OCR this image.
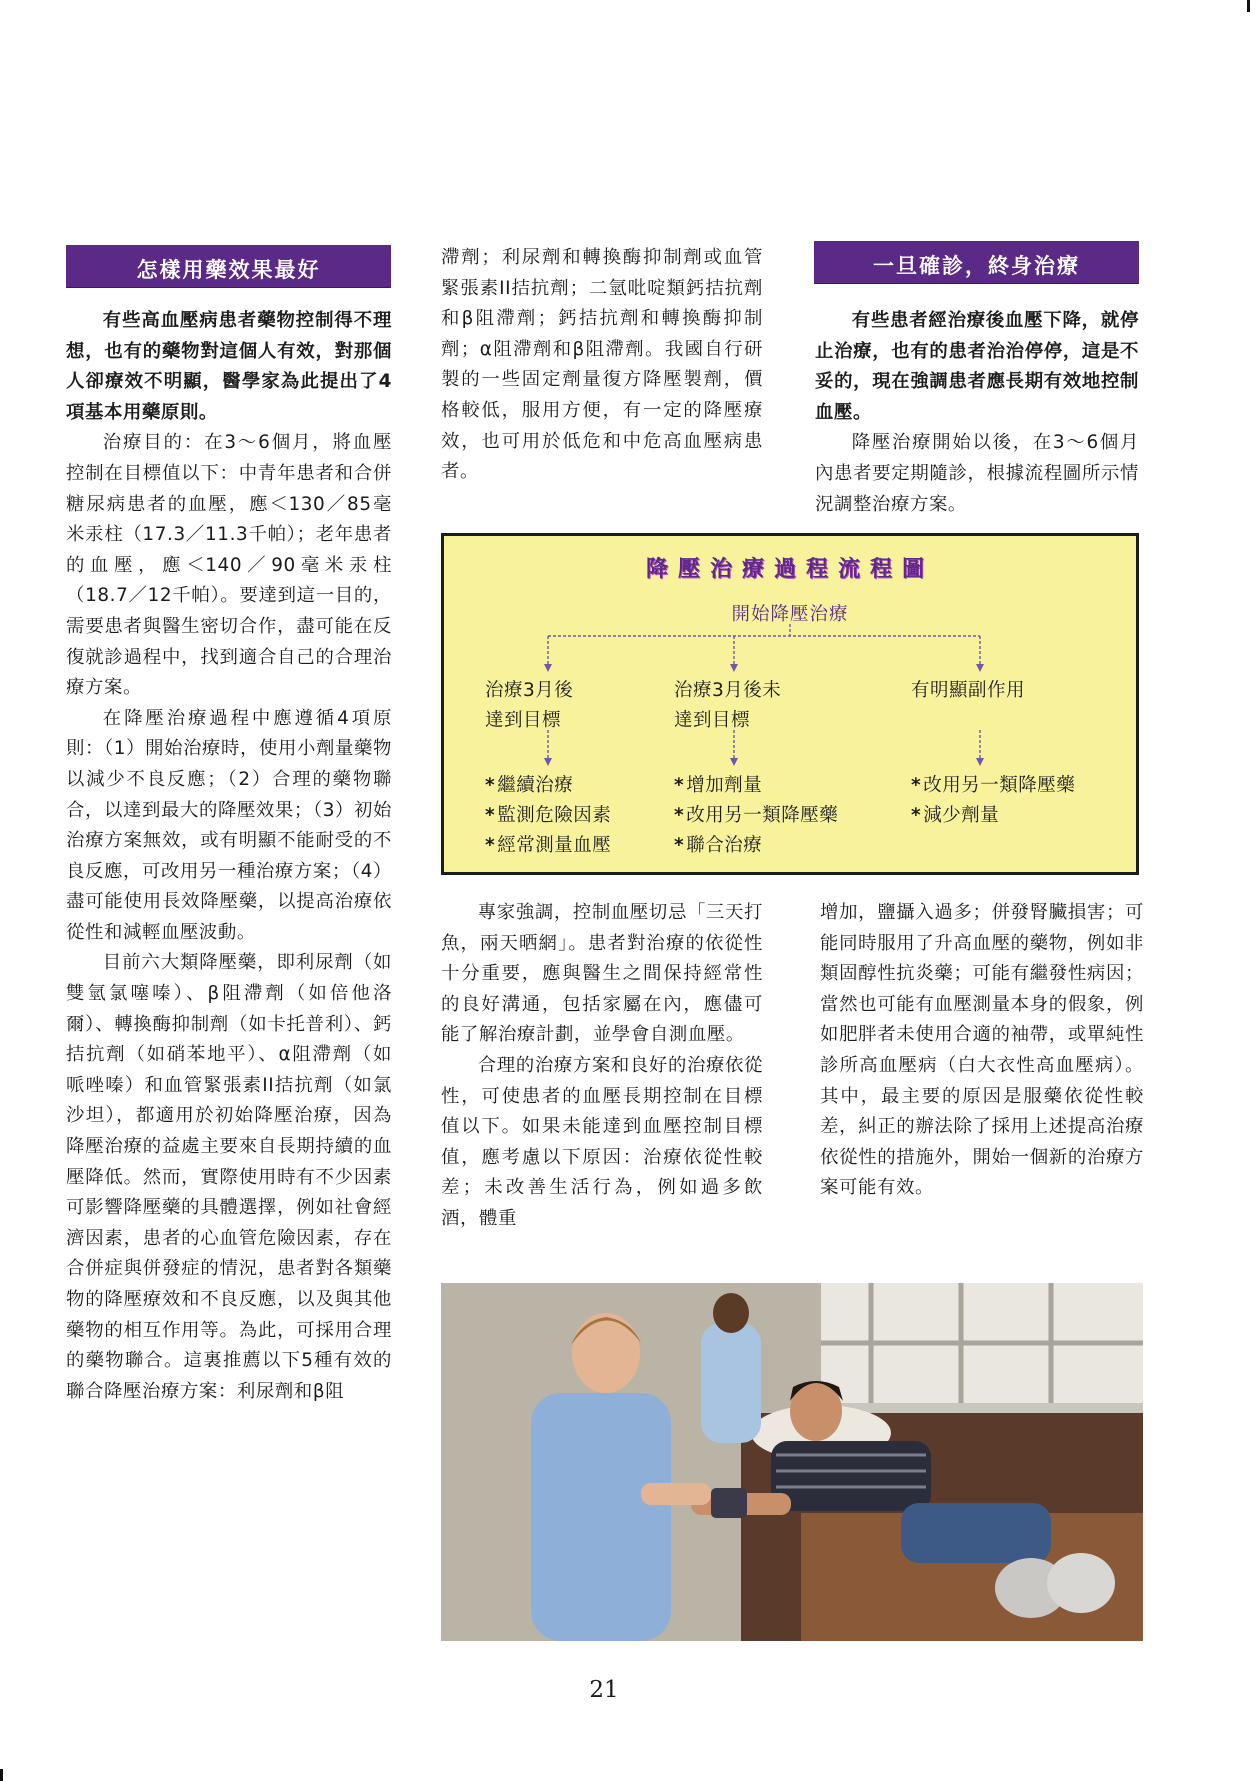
怎樣用藥效果最好

有些高血壓病患者藥物控制得不理想，也有的藥物對這個人有效，對那個人卻療效不明顯，醫學家為此提出了4項基本用藥原則。

治療目的：在3～6個月，將血壓控制在目標值以下：中青年患者和合併糖尿病患者的血壓，應＜130／85毫米汞柱（17.3／11.3千帕）；老年患者的血壓，應＜140／90毫米汞柱（18.7／12千帕）。要達到這一目的，需要患者與醫生密切合作，盡可能在反復就診過程中，找到適合自己的合理治療方案。

在降壓治療過程中應遵循4項原則：（1）開始治療時，使用小劑量藥物以減少不良反應；（2）合理的藥物聯合，以達到最大的降壓效果；（3）初始治療方案無效，或有明顯不能耐受的不良反應，可改用另一種治療方案；（4）盡可能使用長效降壓藥，以提高治療依從性和減輕血壓波動。

目前六大類降壓藥，即利尿劑（如雙氫氯噻嗪）、β阻滯劑（如倍他洛爾）、轉換酶抑制劑（如卡托普利）、鈣拮抗劑（如硝苯地平）、α阻滯劑（如哌唑嗪）和血管緊張素II拮抗劑（如氯沙坦），都適用於初始降壓治療，因為降壓治療的益處主要來自長期持續的血壓降低。然而，實際使用時有不少因素可影響降壓藥的具體選擇，例如社會經濟因素，患者的心血管危險因素，存在合併症與併發症的情況，患者對各類藥物的降壓療效和不良反應，以及與其他藥物的相互作用等。為此，可採用合理的藥物聯合。這裏推薦以下5種有效的聯合降壓治療方案：利尿劑和β阻

滯劑；利尿劑和轉換酶抑制劑或血管緊張素II拮抗劑；二氫吡啶類鈣拮抗劑和β阻滯劑；鈣拮抗劑和轉換酶抑制劑；α阻滯劑和β阻滯劑。我國自行研製的一些固定劑量復方降壓製劑，價格較低，服用方便，有一定的降壓療效，也可用於低危和中危高血壓病患者。

一旦確診，終身治療

有些患者經治療後血壓下降，就停止治療，也有的患者治治停停，這是不妥的，現在強調患者應長期有效地控制血壓。

降壓治療開始以後，在3～6個月內患者要定期隨診，根據流程圖所示情況調整治療方案。

降壓治療過程流程圖
開始降壓治療
治療3月後
達到目標
* 繼續治療
* 監測危險因素
* 經常測量血壓
治療3月後未
達到目標
* 增加劑量
* 改用另一類降壓藥
* 聯合治療
有明顯副作用
* 改用另一類降壓藥
* 減少劑量

專家強調，控制血壓切忌「三天打魚，兩天晒網」。患者對治療的依從性十分重要，應與醫生之間保持經常性的良好溝通，包括家屬在內，應儘可能了解治療計劃，並學會自測血壓。

合理的治療方案和良好的治療依從性，可使患者的血壓長期控制在目標值以下。如果未能達到血壓控制目標值，應考慮以下原因：治療依從性較差；未改善生活行為，例如過多飲酒，體重

增加，鹽攝入過多；併發腎臟損害；可能同時服用了升高血壓的藥物，例如非類固醇性抗炎藥；可能有繼發性病因；當然也可能有血壓測量本身的假象，例如肥胖者未使用合適的袖帶，或單純性診所高血壓病（白大衣性高血壓病）。其中，最主要的原因是服藥依從性較差，糾正的辦法除了採用上述提高治療依從性的措施外，開始一個新的治療方案可能有效。

21
